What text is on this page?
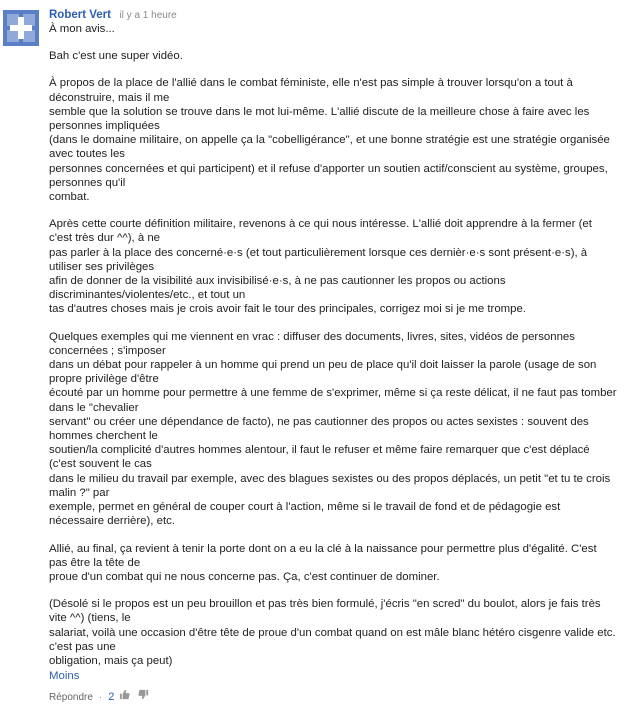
Robert Vert il y a 1 heure

À mon avis...

Bah c'est une super vidéo.

À propos de la place de l'allié dans le combat féministe, elle n'est pas simple à trouver lorsqu'on a tout à déconstruire, mais il me
semble que la solution se trouve dans le mot lui-même. L'allié discute de la meilleure chose à faire avec les personnes impliquées
(dans le domaine militaire, on appelle ça la "cobelligérance", et une bonne stratégie est une stratégie organisée avec toutes les
personnes concernées et qui participent) et il refuse d'apporter un soutien actif/conscient au système, groupes, personnes qu'il
combat.

Après cette courte définition militaire, revenons à ce qui nous intéresse. L'allié doit apprendre à la fermer (et c'est très dur ^^), à ne
pas parler à la place des concerné·e·s (et tout particulièrement lorsque ces dernièr·e·s sont présent·e·s), à utiliser ses privilèges
afin de donner de la visibilité aux invisibilisé·e·s, à ne pas cautionner les propos ou actions discriminantes/violentes/etc., et tout un
tas d'autres choses mais je crois avoir fait le tour des principales, corrigez moi si je me trompe.

Quelques exemples qui me viennent en vrac : diffuser des documents, livres, sites, vidéos de personnes concernées ; s'imposer
dans un débat pour rappeler à un homme qui prend un peu de place qu'il doit laisser la parole (usage de son propre privilège d'être
écouté par un homme pour permettre à une femme de s'exprimer, même si ça reste délicat, il ne faut pas tomber dans le "chevalier
servant" ou créer une dépendance de facto), ne pas cautionner des propos ou actes sexistes : souvent des hommes cherchent le
soutien/la complicité d'autres hommes alentour, il faut le refuser et même faire remarquer que c'est déplacé (c'est souvent le cas
dans le milieu du travail par exemple, avec des blagues sexistes ou des propos déplacés, un petit "et tu te crois malin ?" par
exemple, permet en général de couper court à l'action, même si le travail de fond et de pédagogie est nécessaire derrière), etc.

Allié, au final, ça revient à tenir la porte dont on a eu la clé à la naissance pour permettre plus d'égalité. C'est pas être la tête de
proue d'un combat qui ne nous concerne pas. Ça, c'est continuer de dominer.

(Désolé si le propos est un peu brouillon et pas très bien formulé, j'écris "en scred" du boulot, alors je fais très vite ^^) (tiens, le
salariat, voilà une occasion d'être tête de proue d'un combat quand on est mâle blanc hétéro cisgenre valide etc. c'est pas une
obligation, mais ça peut)

Moins
Répondre · 2
